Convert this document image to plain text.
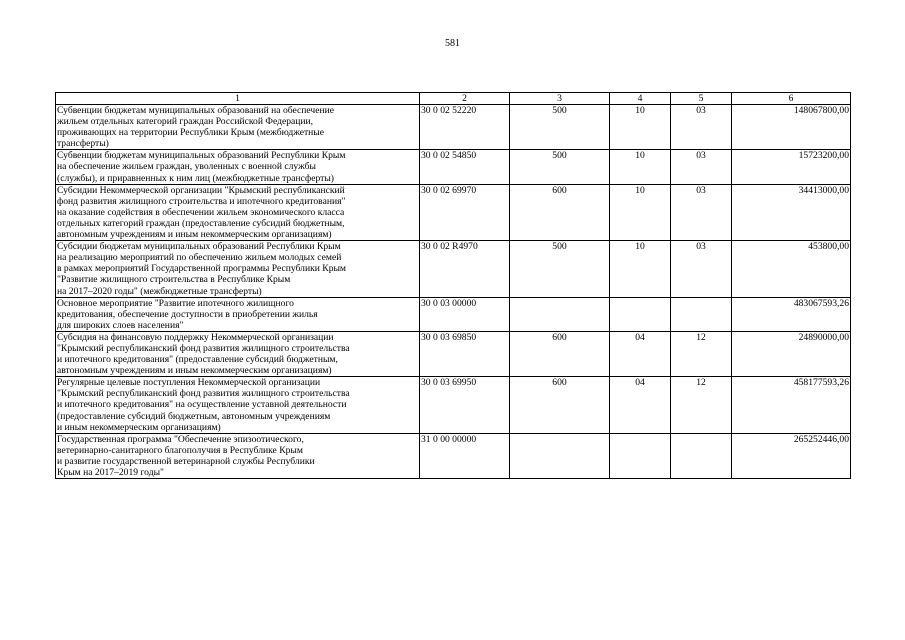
581
1	2	3	4	5	6

Субвенции бюджетам муниципальных образований на обеспечение
жильем отдельных категорий граждан Российской Федерации,
проживающих на территории Республики Крым (межбюджетные
трансферты)	30 0 02 52220	500	10	03	148067800,00

Субвенции бюджетам муниципальных образований Республики Крым
на обеспечение жильем граждан, уволенных с военной службы
(службы), и приравненных к ним лиц (межбюджетные трансферты)	30 0 02 54850	500	10	03	15723200,00

Субсидии Некоммерческой организации "Крымский республиканский
фонд развития жилищного строительства и ипотечного кредитования"
на оказание содействия в обеспечении жильем экономического класса
отдельных категорий граждан (предоставление субсидий бюджетным,
автономным учреждениям и иным некоммерческим организациям)	30 0 02 69970	600	10	03	34413000,00

Субсидии бюджетам муниципальных образований Республики Крым
на реализацию мероприятий по обеспечению жильем молодых семей
в рамках мероприятий Государственной программы Республики Крым
"Развитие жилищного строительства в Республике Крым
на 2017–2020 годы" (межбюджетные трансферты)	30 0 02 R4970	500	10	03	453800,00

Основное мероприятие "Развитие ипотечного жилищного
кредитования, обеспечение доступности в приобретении жилья
для широких слоев населения"	30 0 03 00000				483067593,26

Субсидия на финансовую поддержку Некоммерческой организации
"Крымский республиканский фонд развития жилищного строительства
и ипотечного кредитования" (предоставление субсидий бюджетным,
автономным учреждениям и иным некоммерческим организациям)	30 0 03 69850	600	04	12	24890000,00

Регулярные целевые поступления Некоммерческой организации
"Крымский республиканский фонд развития жилищного строительства
и ипотечного кредитования" на осуществление уставной деятельности
(предоставление субсидий бюджетным, автономным учреждениям
и иным некоммерческим организациям)	30 0 03 69950	600	04	12	458177593,26

Государственная программа "Обеспечение эпизоотического,
ветеринарно-санитарного благополучия в Республике Крым
и развитие государственной ветеринарной службы Республики
Крым на 2017–2019 годы"	31 0 00 00000				265252446,00
